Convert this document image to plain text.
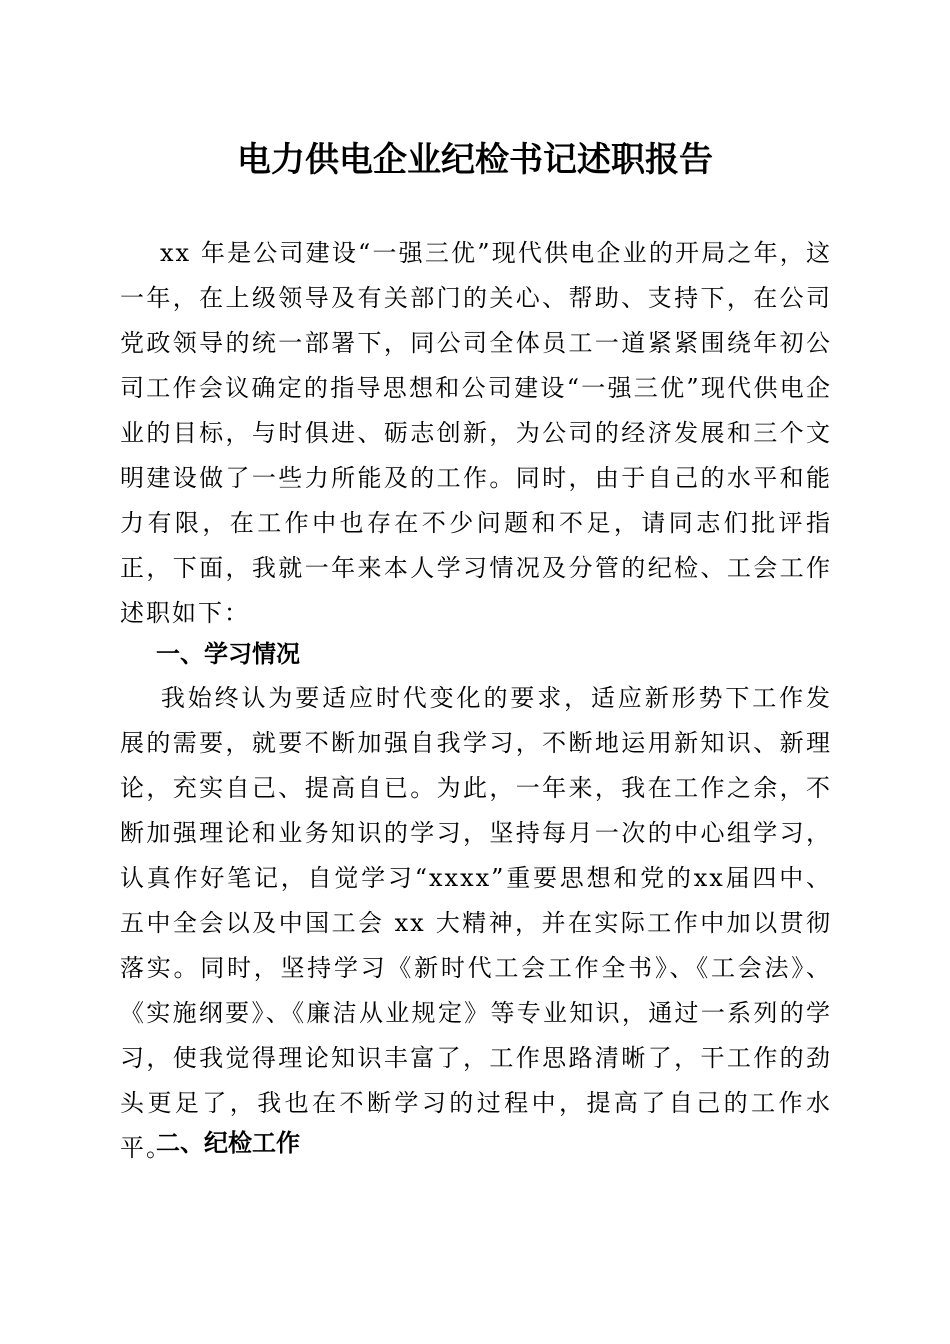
电力供电企业纪检书记述职报告

xx 年是公司建设“一强三优”现代供电企业的开局之年，这一年，在上级领导及有关部门的关心、帮助、支持下，在公司党政领导的统一部署下，同公司全体员工一道紧紧围绕年初公司工作会议确定的指导思想和公司建设“一强三优”现代供电企业的目标，与时俱进、砺志创新，为公司的经济发展和三个文明建设做了一些力所能及的工作。同时，由于自己的水平和能力有限，在工作中也存在不少问题和不足，请同志们批评指正，下面，我就一年来本人学习情况及分管的纪检、工会工作述职如下：

一、学习情况

我始终认为要适应时代变化的要求，适应新形势下工作发展的需要，就要不断加强自我学习，不断地运用新知识、新理论，充实自己、提高自已。为此，一年来，我在工作之余，不断加强理论和业务知识的学习，坚持每月一次的中心组学习，认真作好笔记，自觉学习“xxxx”重要思想和党的xx届四中、五中全会以及中国工会 xx 大精神，并在实际工作中加以贯彻落实。同时，坚持学习《新时代工会工作全书》、《工会法》、《实施纲要》、《廉洁从业规定》等专业知识，通过一系列的学习，使我觉得理论知识丰富了，工作思路清晰了，干工作的劲头更足了，我也在不断学习的过程中，提高了自己的工作水平。

二、纪检工作
